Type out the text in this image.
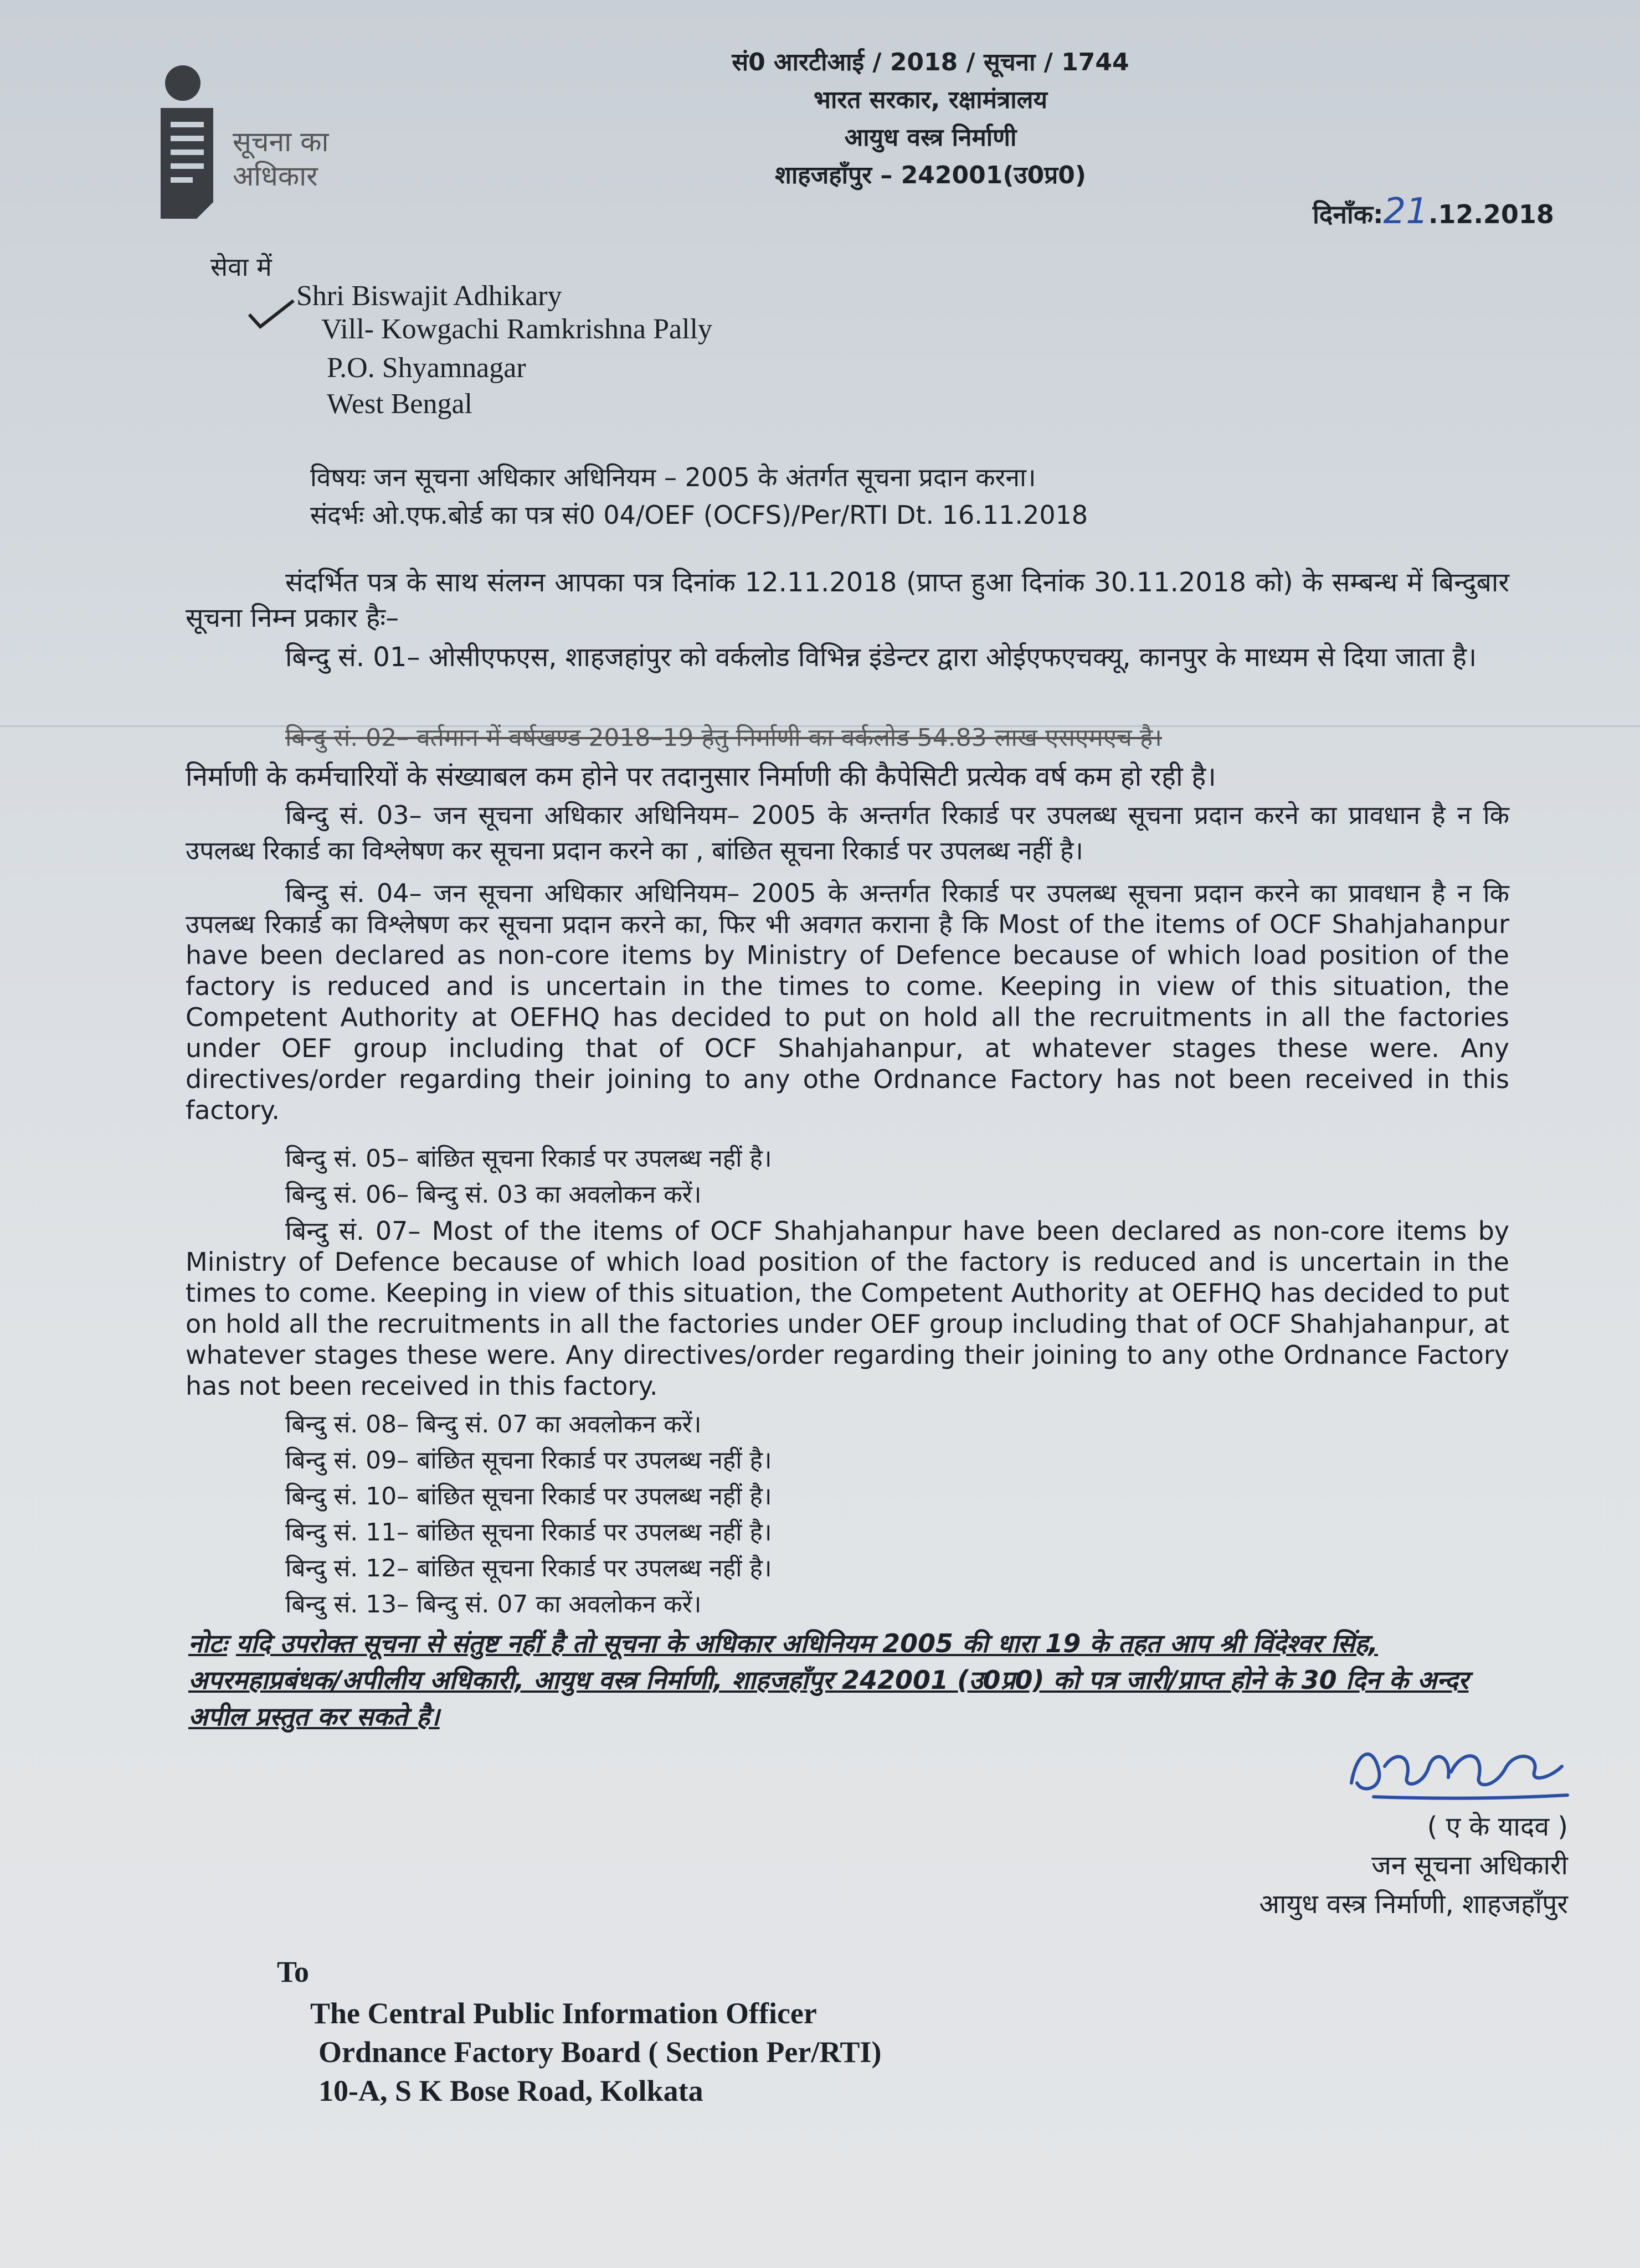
सूचना का
अधिकार
सं0 आरटीआई / 2018 / सूचना / 1744
भारत सरकार, रक्षामंत्रालय
आयुध वस्त्र निर्माणी
शाहजहाँपुर – 242001(उ0प्र0)
दिनाँक:21.12.2018
सेवा में
Shri Biswajit Adhikary
Vill- Kowgachi Ramkrishna Pally
P.O. Shyamnagar
West Bengal
विषयः जन सूचना अधिकार अधिनियम – 2005 के अंतर्गत सूचना प्रदान करना।
संदर्भः ओ.एफ.बोर्ड का पत्र सं0 04/OEF (OCFS)/Per/RTI Dt. 16.11.2018
संदर्भित पत्र के साथ संलग्न आपका पत्र दिनांक 12.11.2018 (प्राप्त हुआ दिनांक 30.11.2018 को) के सम्बन्ध में बिन्दुबार सूचना निम्न प्रकार हैः–
बिन्दु सं. 01– ओसीएफएस, शाहजहांपुर को वर्कलोड विभिन्न इंडेन्टर द्वारा ओईएफएचक्यू, कानपुर के माध्यम से दिया जाता है।
बिन्दु सं. 02– वर्तमान में वर्षखण्ड 2018–19 हेतु निर्माणी का वर्कलोड 54.83 लाख एसएमएच है।
निर्माणी के कर्मचारियों के संख्याबल कम होने पर तदानुसार निर्माणी की कैपेसिटी प्रत्येक वर्ष कम हो रही है।
बिन्दु सं. 03– जन सूचना अधिकार अधिनियम– 2005 के अन्तर्गत रिकार्ड पर उपलब्ध सूचना प्रदान करने का प्रावधान है न कि उपलब्ध रिकार्ड का विश्लेषण कर सूचना प्रदान करने का , बांछित सूचना रिकार्ड पर उपलब्ध नहीं है।
बिन्दु सं. 04– जन सूचना अधिकार अधिनियम– 2005 के अन्तर्गत रिकार्ड पर उपलब्ध सूचना प्रदान करने का प्रावधान है न कि उपलब्ध रिकार्ड का विश्लेषण कर सूचना प्रदान करने का, फिर भी अवगत कराना है कि Most of the items of OCF Shahjahanpur have been declared as non-core items by Ministry of Defence because of which load position of the factory is reduced and is uncertain in the times to come. Keeping in view of this situation, the Competent Authority at OEFHQ has decided to put on hold all the recruitments in all the factories under OEF group including that of OCF Shahjahanpur, at whatever stages these were. Any directives/order regarding their joining to any othe Ordnance Factory has not been received in this factory.
बिन्दु सं. 05– बांछित सूचना रिकार्ड पर उपलब्ध नहीं है।
बिन्दु सं. 06– बिन्दु सं. 03 का अवलोकन करें।
बिन्दु सं. 07– Most of the items of OCF Shahjahanpur have been declared as non-core items by Ministry of Defence because of which load position of the factory is reduced and is uncertain in the times to come. Keeping in view of this situation, the Competent Authority at OEFHQ has decided to put on hold all the recruitments in all the factories under OEF group including that of OCF Shahjahanpur, at whatever stages these were. Any directives/order regarding their joining to any othe Ordnance Factory has not been received in this factory.
बिन्दु सं. 08– बिन्दु सं. 07 का अवलोकन करें।
बिन्दु सं. 09– बांछित सूचना रिकार्ड पर उपलब्ध नहीं है।
बिन्दु सं. 10– बांछित सूचना रिकार्ड पर उपलब्ध नहीं है।
बिन्दु सं. 11– बांछित सूचना रिकार्ड पर उपलब्ध नहीं है।
बिन्दु सं. 12– बांछित सूचना रिकार्ड पर उपलब्ध नहीं है।
बिन्दु सं. 13– बिन्दु सं. 07 का अवलोकन करें।
नोटः यदि उपरोक्त सूचना से संतुष्ट नहीं है तो सूचना के अधिकार अधिनियम 2005 की धारा 19 के तहत आप श्री विंदेश्वर सिंह, अपरमहाप्रबंधक/अपीलीय अधिकारी, आयुध वस्त्र निर्माणी, शाहजहाँपुर 242001 (उ0प्र0) को पत्र जारी/प्राप्त होने के 30 दिन के अन्दर अपील प्रस्तुत कर सकते है।
( ए के यादव )
जन सूचना अधिकारी
आयुध वस्त्र निर्माणी, शाहजहाँपुर
To
The Central Public Information Officer
Ordnance Factory Board ( Section Per/RTI)
10-A, S K Bose Road, Kolkata
